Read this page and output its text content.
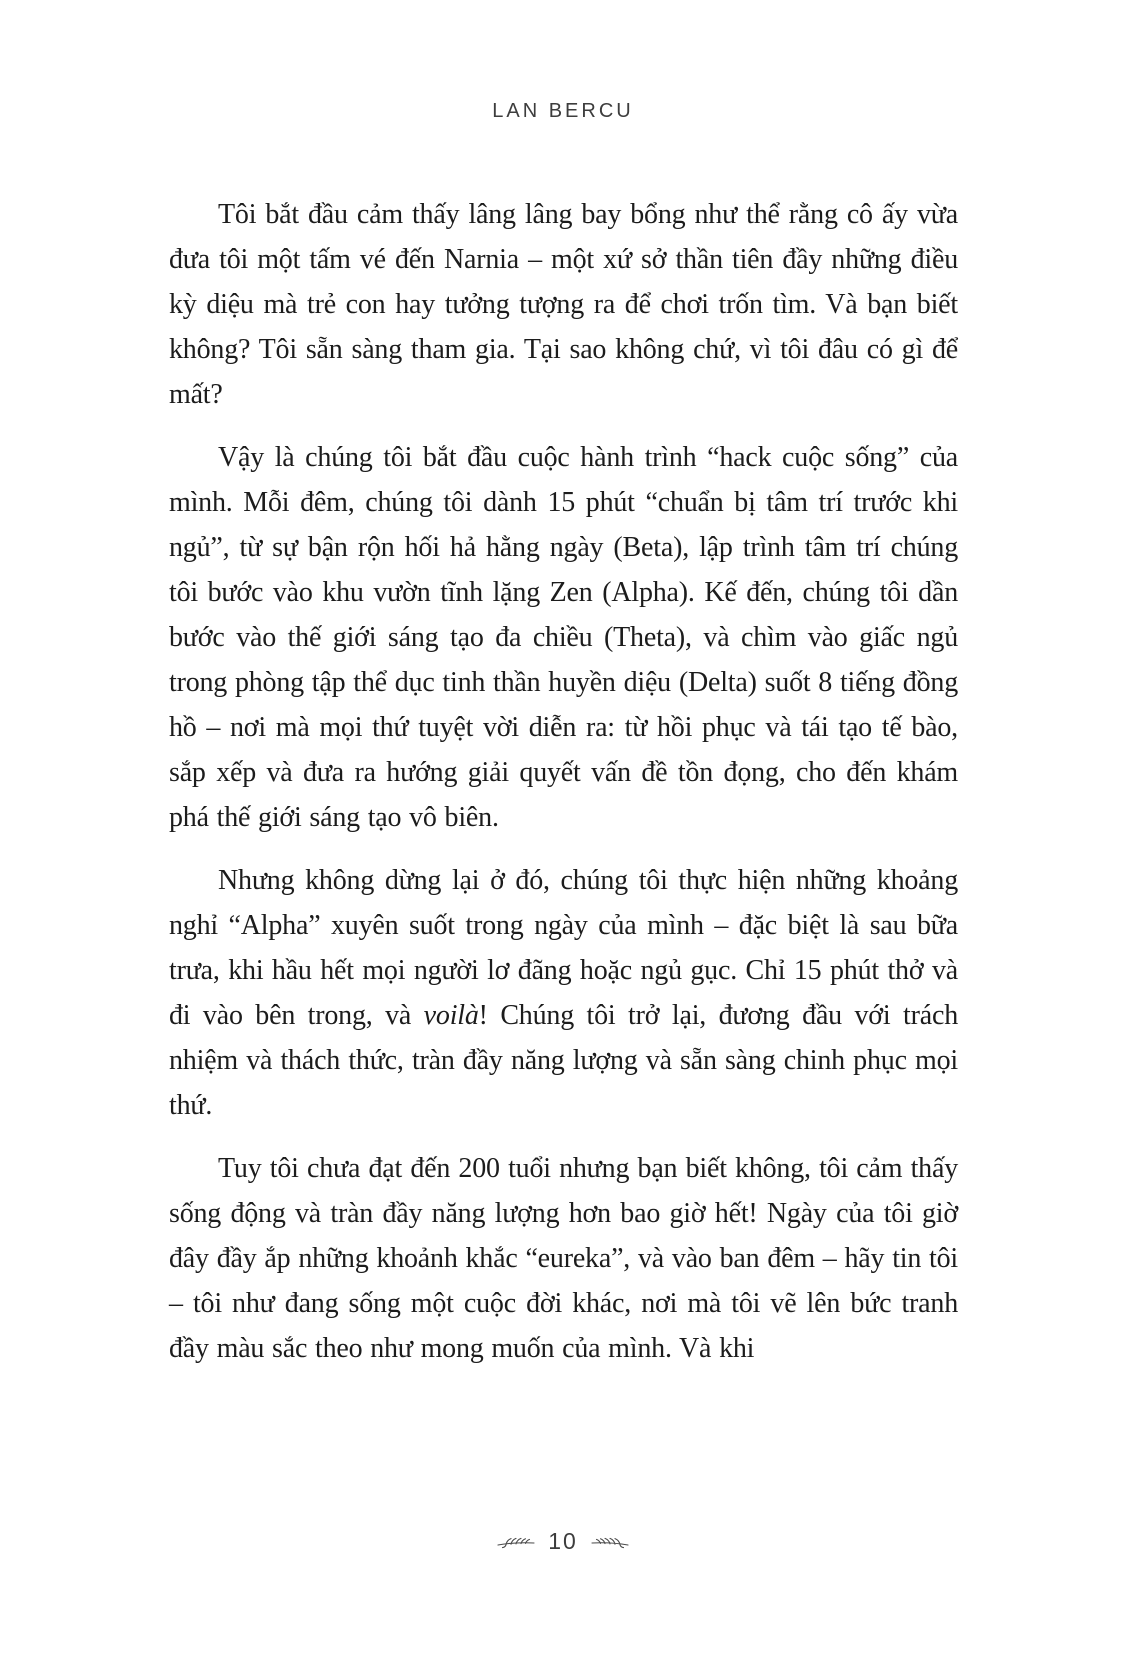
LAN BERCU

Tôi bắt đầu cảm thấy lâng lâng bay bổng như thể rằng cô ấy vừa đưa tôi một tấm vé đến Narnia – một xứ sở thần tiên đầy những điều kỳ diệu mà trẻ con hay tưởng tượng ra để chơi trốn tìm. Và bạn biết không? Tôi sẵn sàng tham gia. Tại sao không chứ, vì tôi đâu có gì để mất?

Vậy là chúng tôi bắt đầu cuộc hành trình “hack cuộc sống” của mình. Mỗi đêm, chúng tôi dành 15 phút “chuẩn bị tâm trí trước khi ngủ”, từ sự bận rộn hối hả hằng ngày (Beta), lập trình tâm trí chúng tôi bước vào khu vườn tĩnh lặng Zen (Alpha). Kế đến, chúng tôi dần bước vào thế giới sáng tạo đa chiều (Theta), và chìm vào giấc ngủ trong phòng tập thể dục tinh thần huyền diệu (Delta) suốt 8 tiếng đồng hồ – nơi mà mọi thứ tuyệt vời diễn ra: từ hồi phục và tái tạo tế bào, sắp xếp và đưa ra hướng giải quyết vấn đề tồn đọng, cho đến khám phá thế giới sáng tạo vô biên.

Nhưng không dừng lại ở đó, chúng tôi thực hiện những khoảng nghỉ “Alpha” xuyên suốt trong ngày của mình – đặc biệt là sau bữa trưa, khi hầu hết mọi người lơ đãng hoặc ngủ gục. Chỉ 15 phút thở và đi vào bên trong, và voilà! Chúng tôi trở lại, đương đầu với trách nhiệm và thách thức, tràn đầy năng lượng và sẵn sàng chinh phục mọi thứ.

Tuy tôi chưa đạt đến 200 tuổi nhưng bạn biết không, tôi cảm thấy sống động và tràn đầy năng lượng hơn bao giờ hết! Ngày của tôi giờ đây đầy ắp những khoảnh khắc “eureka”, và vào ban đêm – hãy tin tôi – tôi như đang sống một cuộc đời khác, nơi mà tôi vẽ lên bức tranh đầy màu sắc theo như mong muốn của mình. Và khi

10
